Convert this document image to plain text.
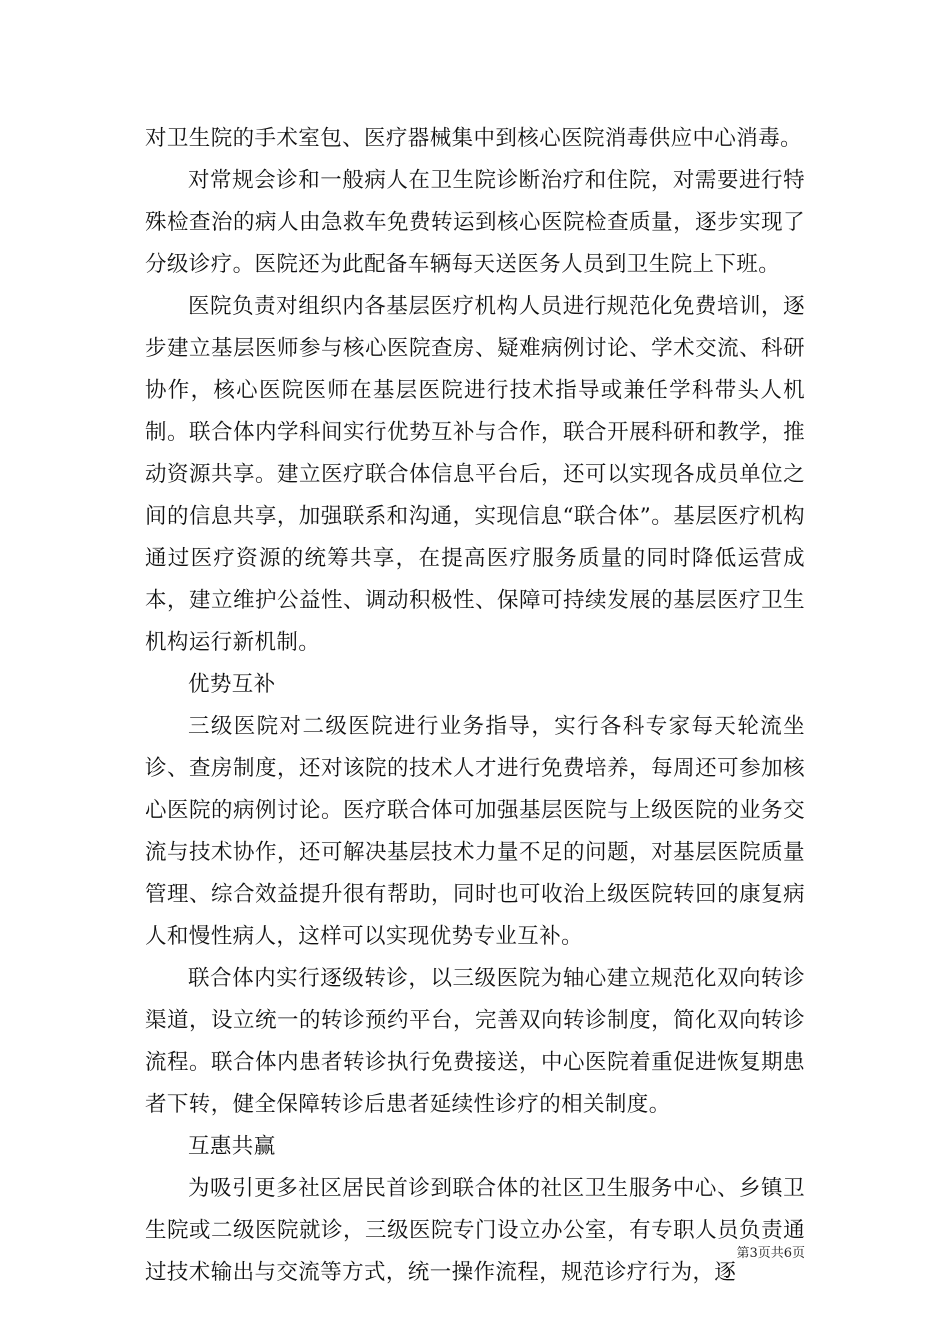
对卫生院的手术室包、医疗器械集中到核心医院消毒供应中心消毒。

对常规会诊和一般病人在卫生院诊断治疗和住院，对需要进行特殊检查治的病人由急救车免费转运到核心医院检查质量，逐步实现了分级诊疗。医院还为此配备车辆每天送医务人员到卫生院上下班。

医院负责对组织内各基层医疗机构人员进行规范化免费培训，逐步建立基层医师参与核心医院查房、疑难病例讨论、学术交流、科研协作，核心医院医师在基层医院进行技术指导或兼任学科带头人机制。联合体内学科间实行优势互补与合作，联合开展科研和教学，推动资源共享。建立医疗联合体信息平台后，还可以实现各成员单位之间的信息共享，加强联系和沟通，实现信息“联合体”。基层医疗机构通过医疗资源的统筹共享，在提高医疗服务质量的同时降低运营成本，建立维护公益性、调动积极性、保障可持续发展的基层医疗卫生机构运行新机制。

优势互补

三级医院对二级医院进行业务指导，实行各科专家每天轮流坐诊、查房制度，还对该院的技术人才进行免费培养，每周还可参加核心医院的病例讨论。医疗联合体可加强基层医院与上级医院的业务交流与技术协作，还可解决基层技术力量不足的问题，对基层医院质量管理、综合效益提升很有帮助，同时也可收治上级医院转回的康复病人和慢性病人，这样可以实现优势专业互补。

联合体内实行逐级转诊，以三级医院为轴心建立规范化双向转诊渠道，设立统一的转诊预约平台，完善双向转诊制度，简化双向转诊流程。联合体内患者转诊执行免费接送，中心医院着重促进恢复期患者下转，健全保障转诊后患者延续性诊疗的相关制度。

互惠共赢

为吸引更多社区居民首诊到联合体的社区卫生服务中心、乡镇卫生院或二级医院就诊，三级医院专门设立办公室，有专职人员负责通过技术输出与交流等方式，统一操作流程，规范诊疗行为，逐

第3页共6页
